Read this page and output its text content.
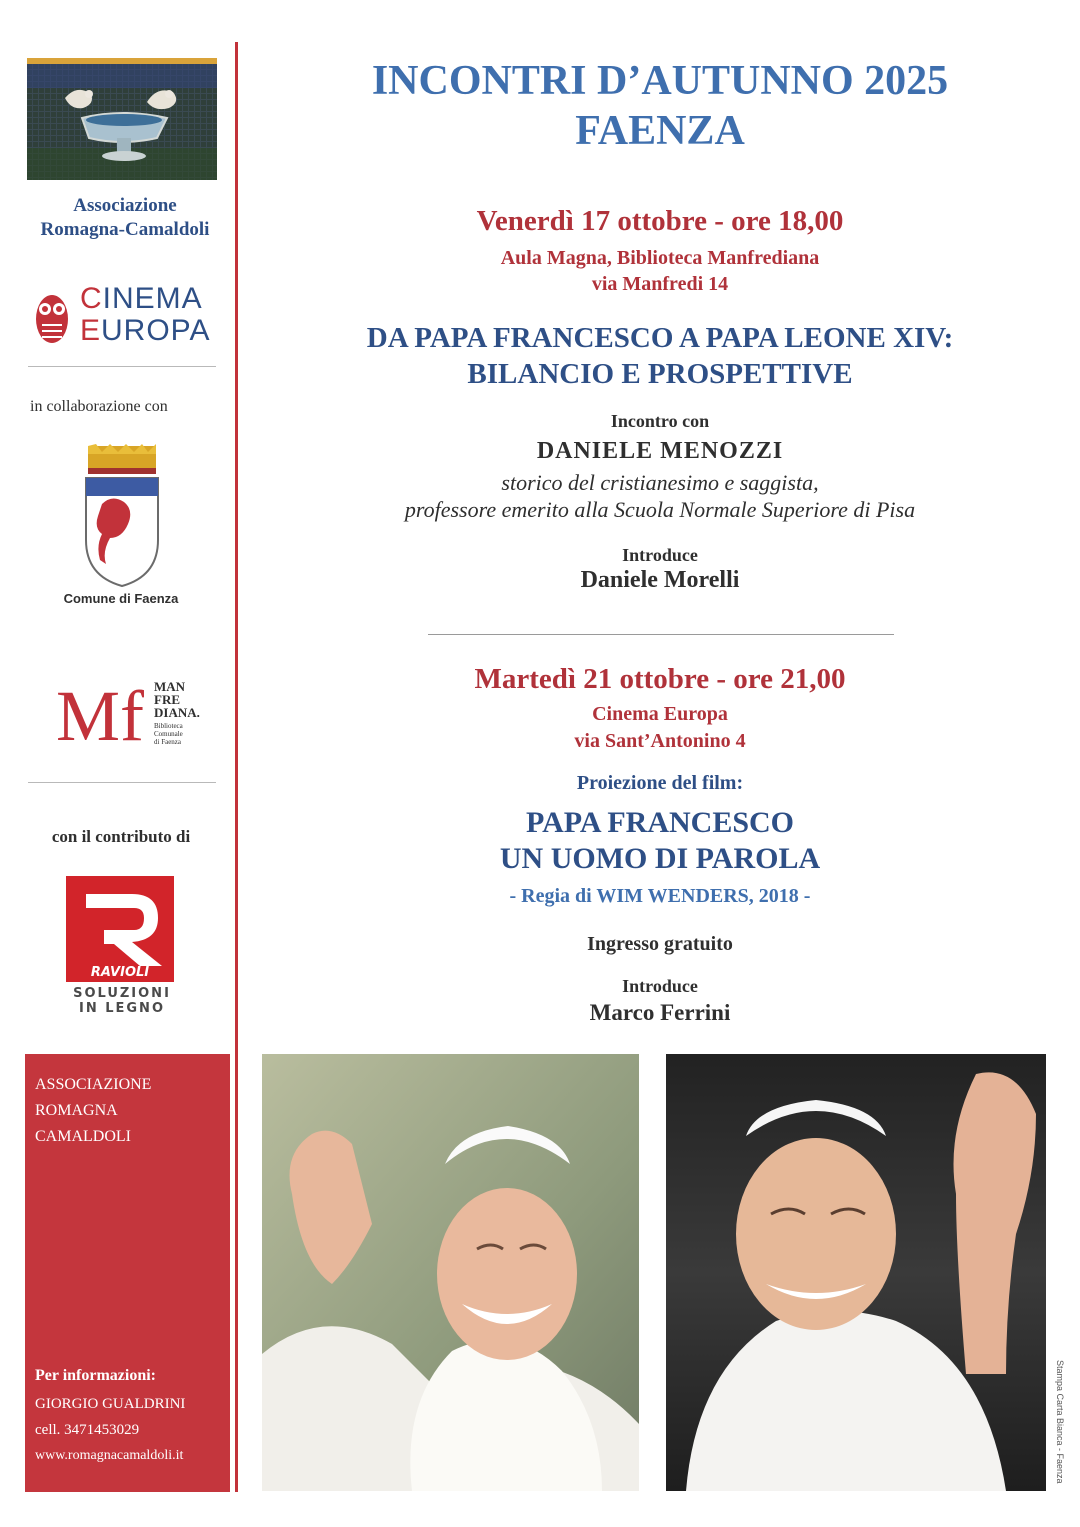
Associazione
Romagna-Camaldoli
CINEMA
EUROPA
in collaborazione con
Comune di Faenza
Mf MAN
FRE
DIANA.
Biblioteca
Comunale
di Faenza
con il contributo di
RAVIOLI
SOLUZIONI
IN LEGNO
ASSOCIAZIONE
ROMAGNA
CAMALDOLI
Per informazioni:
GIORGIO GUALDRINI
cell. 3471453029
www.romagnacamaldoli.it
INCONTRI D’AUTUNNO 2025
FAENZA
Venerdì 17 ottobre - ore 18,00
Aula Magna, Biblioteca Manfrediana
via Manfredi 14
DA PAPA FRANCESCO A PAPA LEONE XIV:
BILANCIO E PROSPETTIVE
Incontro con
DANIELE MENOZZI
storico del cristianesimo e saggista,
professore emerito alla Scuola Normale Superiore di Pisa
Introduce
Daniele Morelli
Martedì 21 ottobre - ore 21,00
Cinema Europa
via Sant’Antonino 4
Proiezione del film:
PAPA FRANCESCO
UN UOMO DI PAROLA
- Regia di WIM WENDERS, 2018 -
Ingresso gratuito
Introduce
Marco Ferrini
Stampa Carta Bianca - Faenza
